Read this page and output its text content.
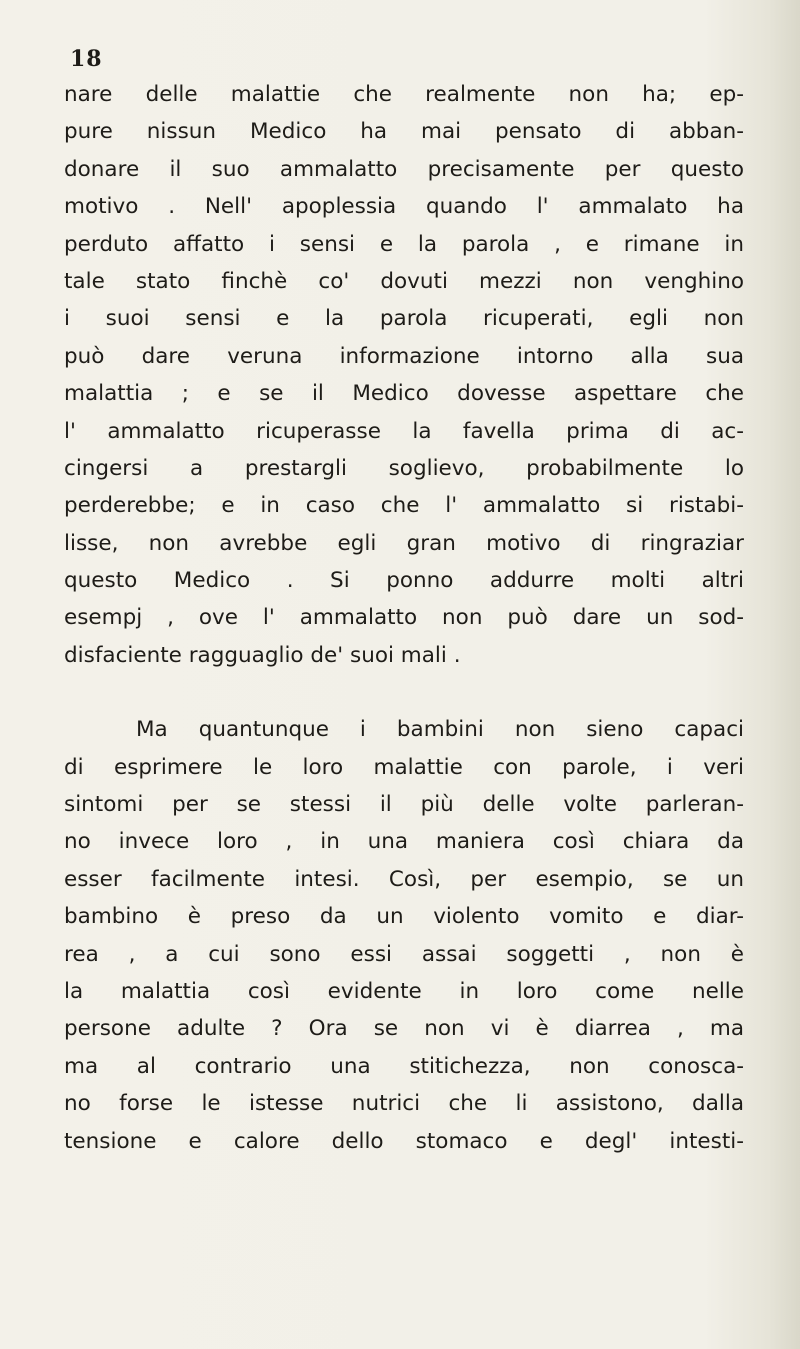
18
nare delle malattie che realmente non ha; ep-
pure nissun Medico ha mai pensato di abban-
donare il suo ammalatto precisamente per questo
motivo . Nell' apoplessia quando l' ammalato ha
perduto affatto i sensi e la parola , e rimane in
tale stato finchè co' dovuti mezzi non venghino
i suoi sensi e la parola ricuperati, egli non
può dare veruna informazione intorno alla sua
malattia ; e se il Medico dovesse aspettare che
l' ammalatto ricuperasse la favella prima di ac-
cingersi a prestargli soglievo, probabilmente lo
perderebbe; e in caso che l' ammalatto si ristabi-
lisse, non avrebbe egli gran motivo di ringraziar
questo Medico . Si ponno addurre molti altri
esempj , ove l' ammalatto non può dare un sod-
disfaciente ragguaglio de' suoi mali .
Ma quantunque i bambini non sieno capaci
di esprimere le loro malattie con parole, i veri
sintomi per se stessi il più delle volte parleran-
no invece loro , in una maniera così chiara da
esser facilmente intesi. Così, per esempio, se un
bambino è preso da un violento vomito e diar-
rea , a cui sono essi assai soggetti , non è
la malattia così evidente in loro come nelle
persone adulte ? Ora se non vi è diarrea , ma
ma al contrario una stitichezza, non conosca-
no forse le istesse nutrici che li assistono, dalla
tensione e calore dello stomaco e degl' intesti-
